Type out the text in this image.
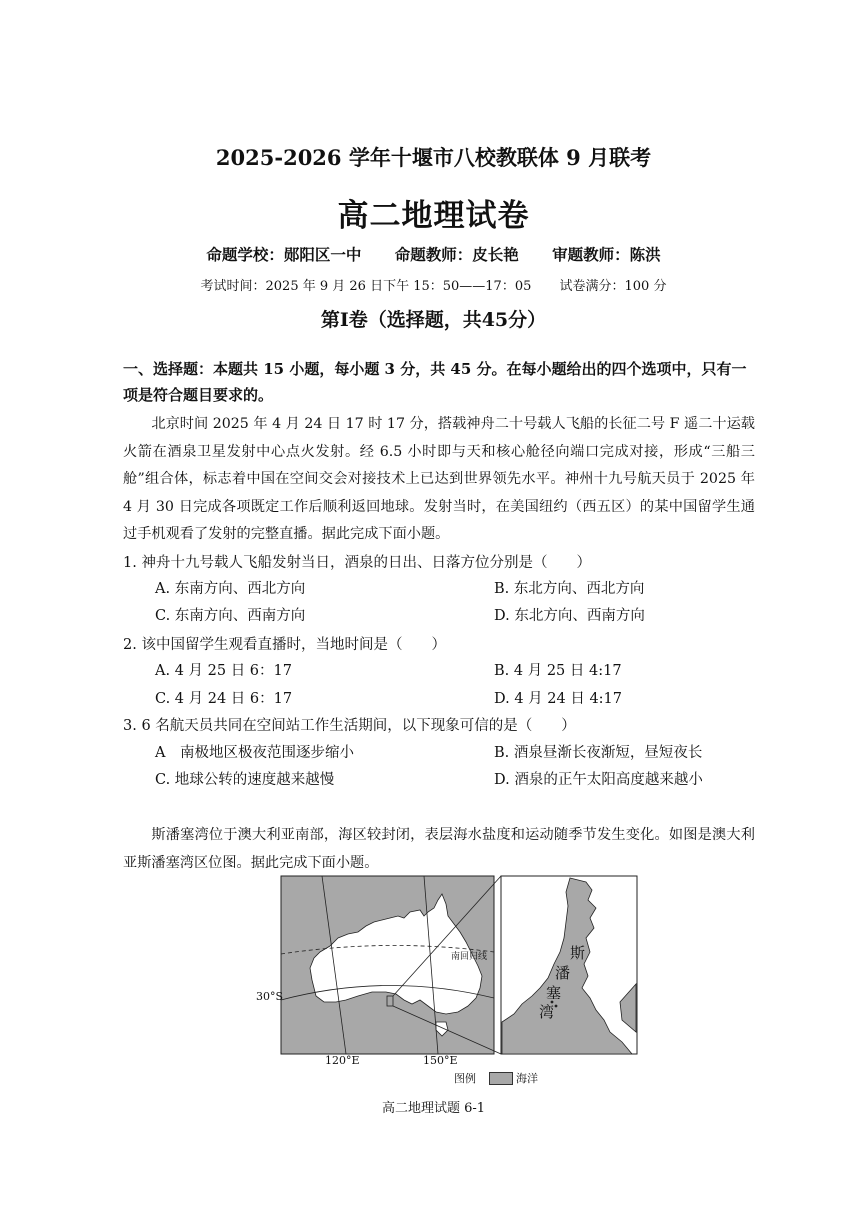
2025-2026 学年十堰市八校教联体 9 月联考
高二地理试卷
命题学校：郧阳区一中 命题教师：皮长艳 审题教师：陈洪
考试时间：2025 年 9 月 26 日下午 15：50——17：05 试卷满分：100 分
第Ⅰ卷（选择题，共45分）
一、选择题：本题共 15 小题，每小题 3 分，共 45 分。在每小题给出的四个选项中，只有一项是符合题目要求的。
北京时间 2025 年 4 月 24 日 17 时 17 分，搭载神舟二十号载人飞船的长征二号 F 遥二十运载火箭在酒泉卫星发射中心点火发射。经 6.5 小时即与天和核心舱径向端口完成对接，形成“三船三舱”组合体，标志着中国在空间交会对接技术上已达到世界领先水平。神州十九号航天员于 2025 年 4 月 30 日完成各项既定工作后顺利返回地球。发射当时，在美国纽约（西五区）的某中国留学生通过手机观看了发射的完整直播。据此完成下面小题。
1. 神舟十九号载人飞船发射当日，酒泉的日出、日落方位分别是（　　）
A. 东南方向、西北方向	B. 东北方向、西北方向
C. 东南方向、西南方向	D. 东北方向、西南方向
2. 该中国留学生观看直播时，当地时间是（　　）
A. 4 月 25 日 6：17	B. 4 月 25 日 4:17
C. 4 月 24 日 6：17	D. 4 月 24 日 4:17
3. 6 名航天员共同在空间站工作生活期间，以下现象可信的是（　　）
A　南极地区极夜范围逐步缩小	B. 酒泉昼渐长夜渐短，昼短夜长
C. 地球公转的速度越来越慢	D. 酒泉的正午太阳高度越来越小
斯潘塞湾位于澳大利亚南部，海区较封闭，表层海水盐度和运动随季节发生变化。如图是澳大利亚斯潘塞湾区位图。据此完成下面小题。
30°S
120°E	150°E
南回归线	斯
潘
塞
湾
图例	海洋
高二地理试题 6-1
